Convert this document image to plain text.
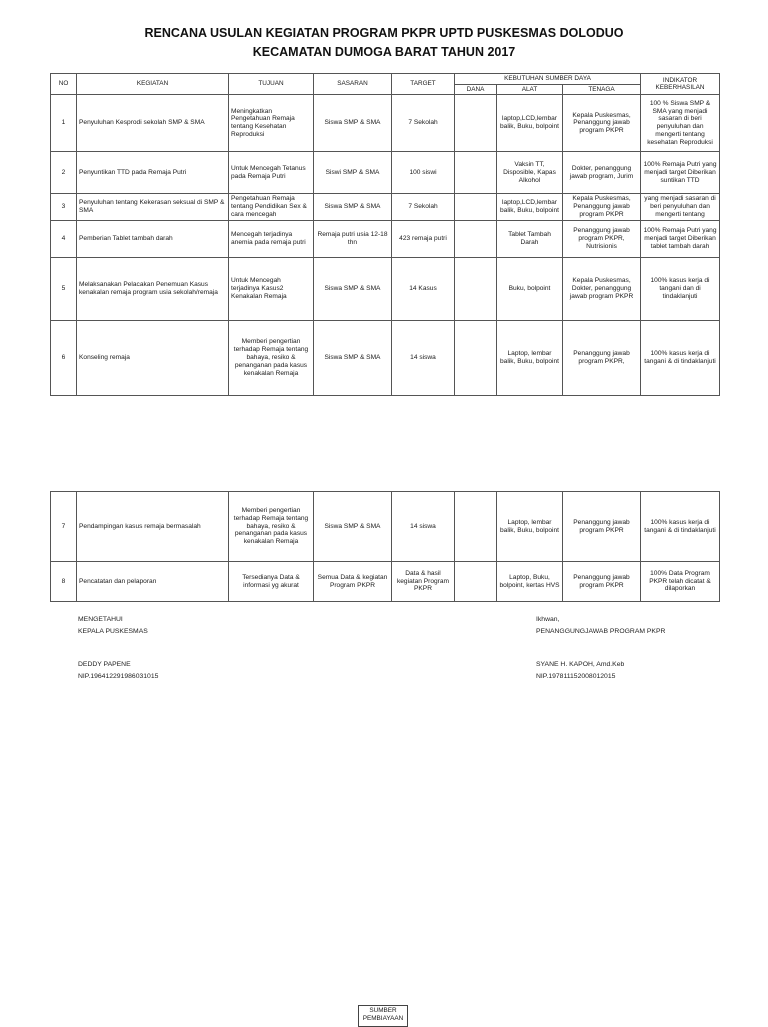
RENCANA USULAN KEGIATAN PROGRAM PKPR UPTD PUSKESMAS DOLODUO
KECAMATAN DUMOGA BARAT TAHUN 2017
NO	KEGIATAN	TUJUAN	SASARAN	TARGET	KEBUTUHAN SUMBER DAYA			INDIKATOR KEBERHASILAN
					DANA	ALAT	TENAGA	
1	Penyuluhan Kesprodi sekolah SMP & SMA	Meningkatkan Pengetahuan Remaja tentang Kesehatan Reproduksi	Siswa SMP & SMA	7 Sekolah		laptop,LCD,lembar balik, Buku, bolpoint	Kepala Puskesmas, Penanggung jawab program PKPR	100 % Siswa SMP & SMA yang menjadi sasaran di beri penyuluhan dan mengerti tentang kesehatan Reproduksi
2	Penyuntikan TTD pada Remaja Putri	Untuk Mencegah Tetanus pada Remaja Putri	Siswi SMP & SMA	100 siswi		Vaksin TT, Disposible, Kapas Alkohol	Dokter, penanggung jawab program, Jurim	100% Remaja Putri yang menjadi target Diberikan suntikan TTD
3	Penyuluhan tentang Kekerasan seksual di SMP & SMA	Pengetahuan Remaja tentang Pendidikan Sex & cara mencegah	Siswa SMP & SMA	7 Sekolah		laptop,LCD,lembar balik, Buku, bolpoint	Kepala Puskesmas, Penanggung jawab program PKPR	yang menjadi sasaran di beri penyuluhan dan mengerti tentang
4	Pemberian Tablet tambah darah	Mencegah terjadinya anemia pada remaja putri	Remaja putri usia 12-18 thn	423 remaja putri		Tablet Tambah Darah	Penanggung jawab program PKPR, Nutrisionis	100% Remaja Putri yang menjadi target Diberikan tablet tambah darah
5	Melaksanakan Pelacakan Penemuan Kasus kenakalan remaja program usia sekolah/remaja	Untuk Mencegah terjadinya Kasus2 Kenakalan Remaja	Siswa SMP & SMA	14 Kasus		Buku, bolpoint	Kepala Puskesmas, Dokter, penanggung jawab program PKPR	100% kasus kerja di tangani dan di tindaklanjuti
6	Konseling remaja	Memberi pengertian terhadap Remaja tentang bahaya, resiko & penanganan pada kasus kenakalan Remaja	Siswa SMP & SMA	14 siswa		Laptop, lembar balik, Buku, bolpoint	Penanggung jawab program PKPR,	100% kasus kerja di tangani & di tindaklanjuti
7	Pendampingan kasus remaja bermasalah	Memberi pengertian terhadap Remaja tentang bahaya, resiko & penanganan pada kasus kenakalan Remaja	Siswa SMP & SMA	14 siswa		Laptop, lembar balik, Buku, bolpoint	Penanggung jawab program PKPR	100% kasus kerja di tangani & di tindaklanjuti
8	Pencatatan dan pelaporan	Tersedianya Data & informasi yg akurat	Semua Data & kegiatan Program PKPR	Data & hasil kegiatan Program PKPR		Laptop, Buku, bolpoint, kertas HVS	Penanggung jawab program PKPR	100% Data Program PKPR telah dicatat & dilaporkan
MENGETAHUI
KEPALA PUSKESMAS
DEDDY PAPENE
NIP.196412291986031015
Ikhwan,
PENANGGUNGJAWAB PROGRAM PKPR
SYANE H. KAPOH, Amd.Keb
NIP.197811152008012015
SUMBER
PEMBIAYAAN
